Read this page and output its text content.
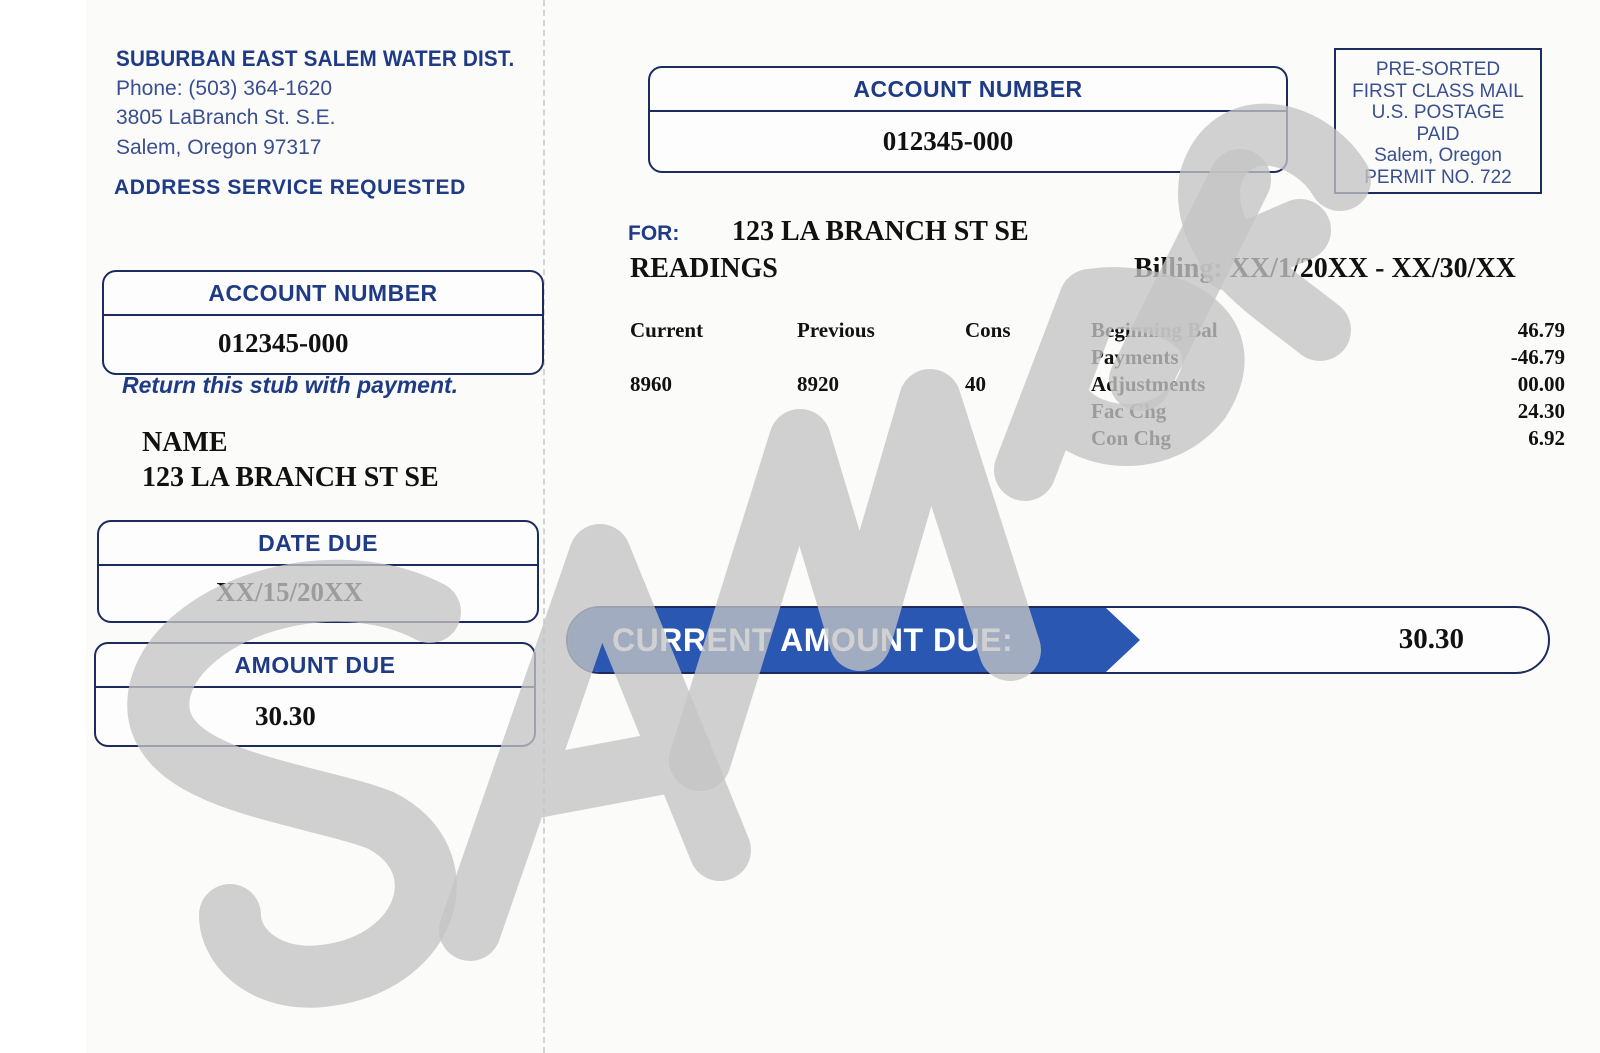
SUBURBAN EAST SALEM WATER DIST.
Phone: (503) 364-1620
3805 LaBranch St. S.E.
Salem, Oregon 97317
ADDRESS SERVICE REQUESTED
ACCOUNT NUMBER
012345-000
Return this stub with payment.
NAME
123 LA BRANCH ST SE
DATE DUE
XX/15/20XX
AMOUNT DUE
30.30
ACCOUNT NUMBER
012345-000
PRE-SORTED
FIRST CLASS MAIL
U.S. POSTAGE
PAID
Salem, Oregon
PERMIT NO. 722
FOR: 123 LA BRANCH ST SE
READINGS	Billing: XX/1/20XX - XX/30/XX
Current	Previous	Cons
8960	8920	40
Beginning Bal	46.79
Payments	-46.79
Adjustments	00.00
Fac Chg	24.30
Con Chg	6.92
CURRENT AMOUNT DUE:	30.30
